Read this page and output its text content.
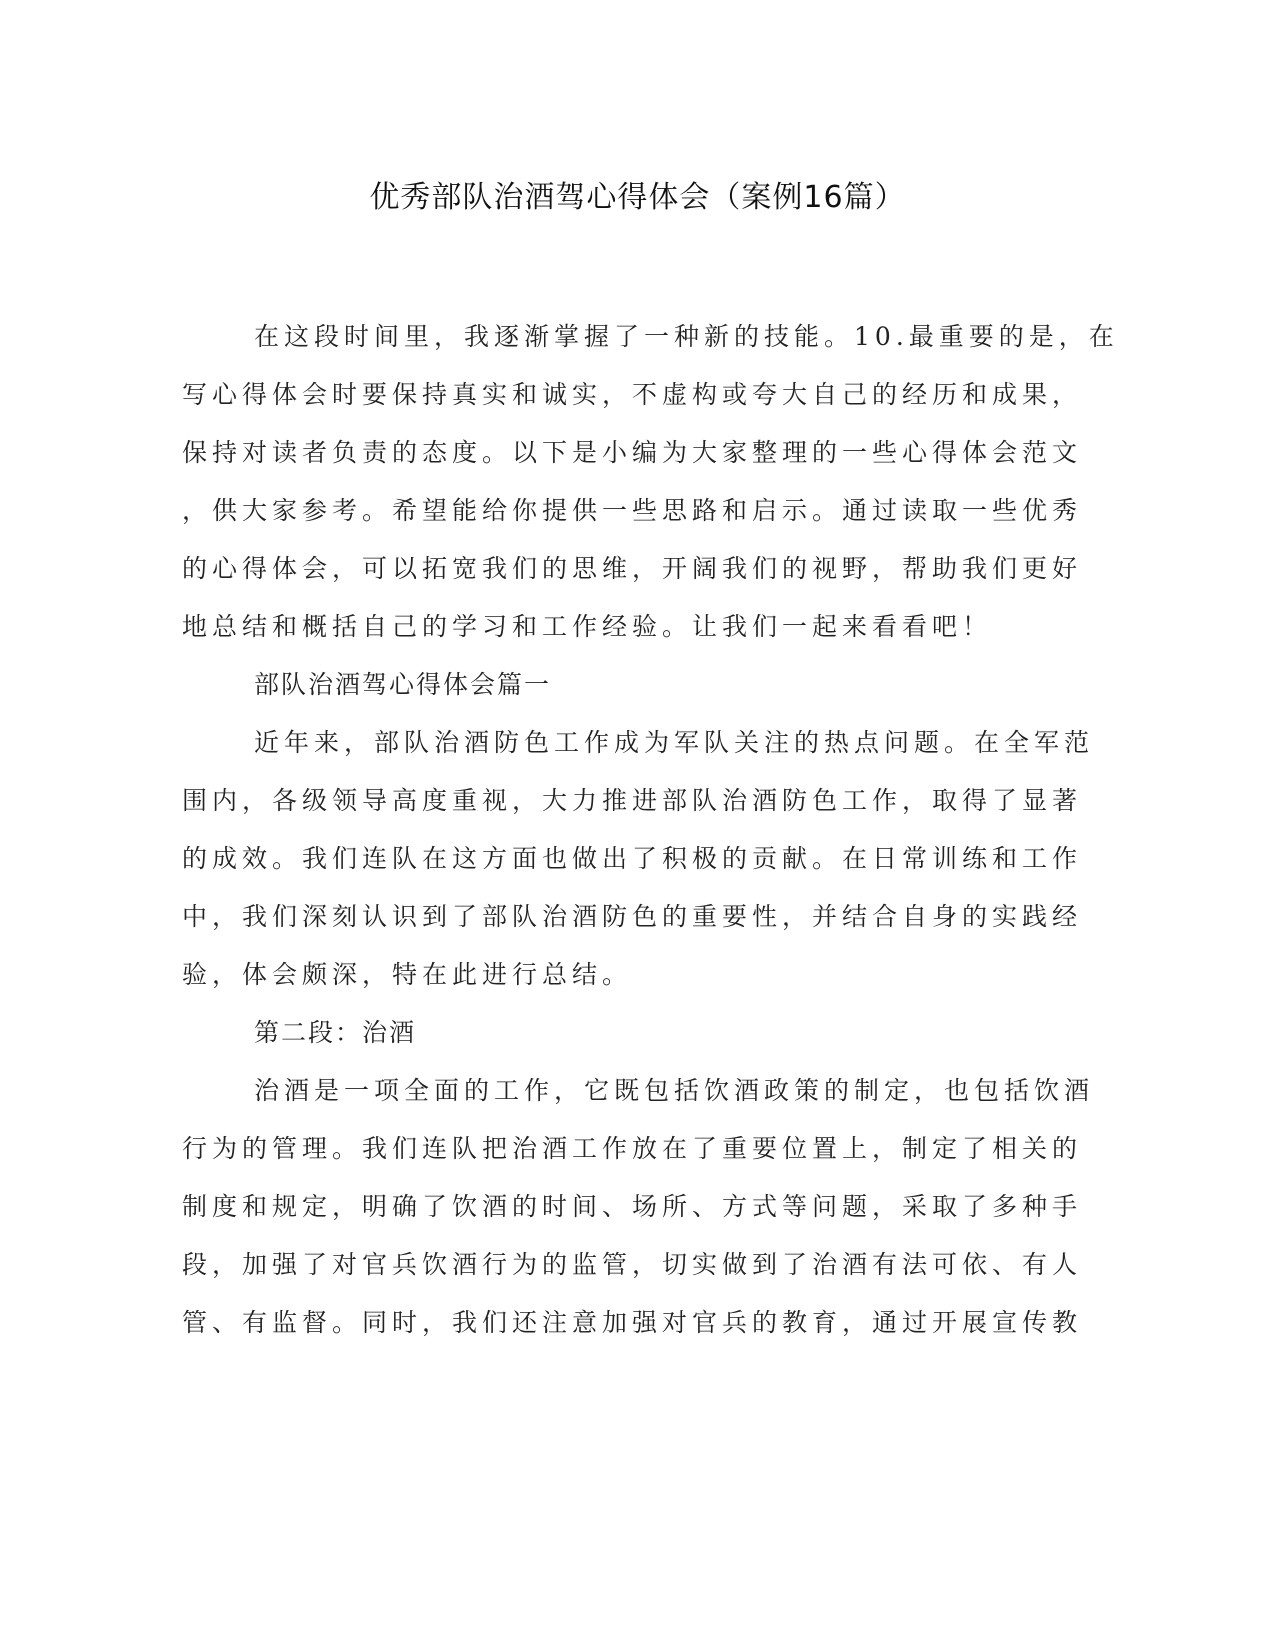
优秀部队治酒驾心得体会（案例16篇）
在这段时间里，我逐渐掌握了一种新的技能。10.最重要的是，在
写心得体会时要保持真实和诚实，不虚构或夸大自己的经历和成果，
保持对读者负责的态度。以下是小编为大家整理的一些心得体会范文
，供大家参考。希望能给你提供一些思路和启示。通过读取一些优秀
的心得体会，可以拓宽我们的思维，开阔我们的视野，帮助我们更好
地总结和概括自己的学习和工作经验。让我们一起来看看吧！
部队治酒驾心得体会篇一
近年来，部队治酒防色工作成为军队关注的热点问题。在全军范
围内，各级领导高度重视，大力推进部队治酒防色工作，取得了显著
的成效。我们连队在这方面也做出了积极的贡献。在日常训练和工作
中，我们深刻认识到了部队治酒防色的重要性，并结合自身的实践经
验，体会颇深，特在此进行总结。
第二段：治酒
治酒是一项全面的工作，它既包括饮酒政策的制定，也包括饮酒
行为的管理。我们连队把治酒工作放在了重要位置上，制定了相关的
制度和规定，明确了饮酒的时间、场所、方式等问题，采取了多种手
段，加强了对官兵饮酒行为的监管，切实做到了治酒有法可依、有人
管、有监督。同时，我们还注意加强对官兵的教育，通过开展宣传教
